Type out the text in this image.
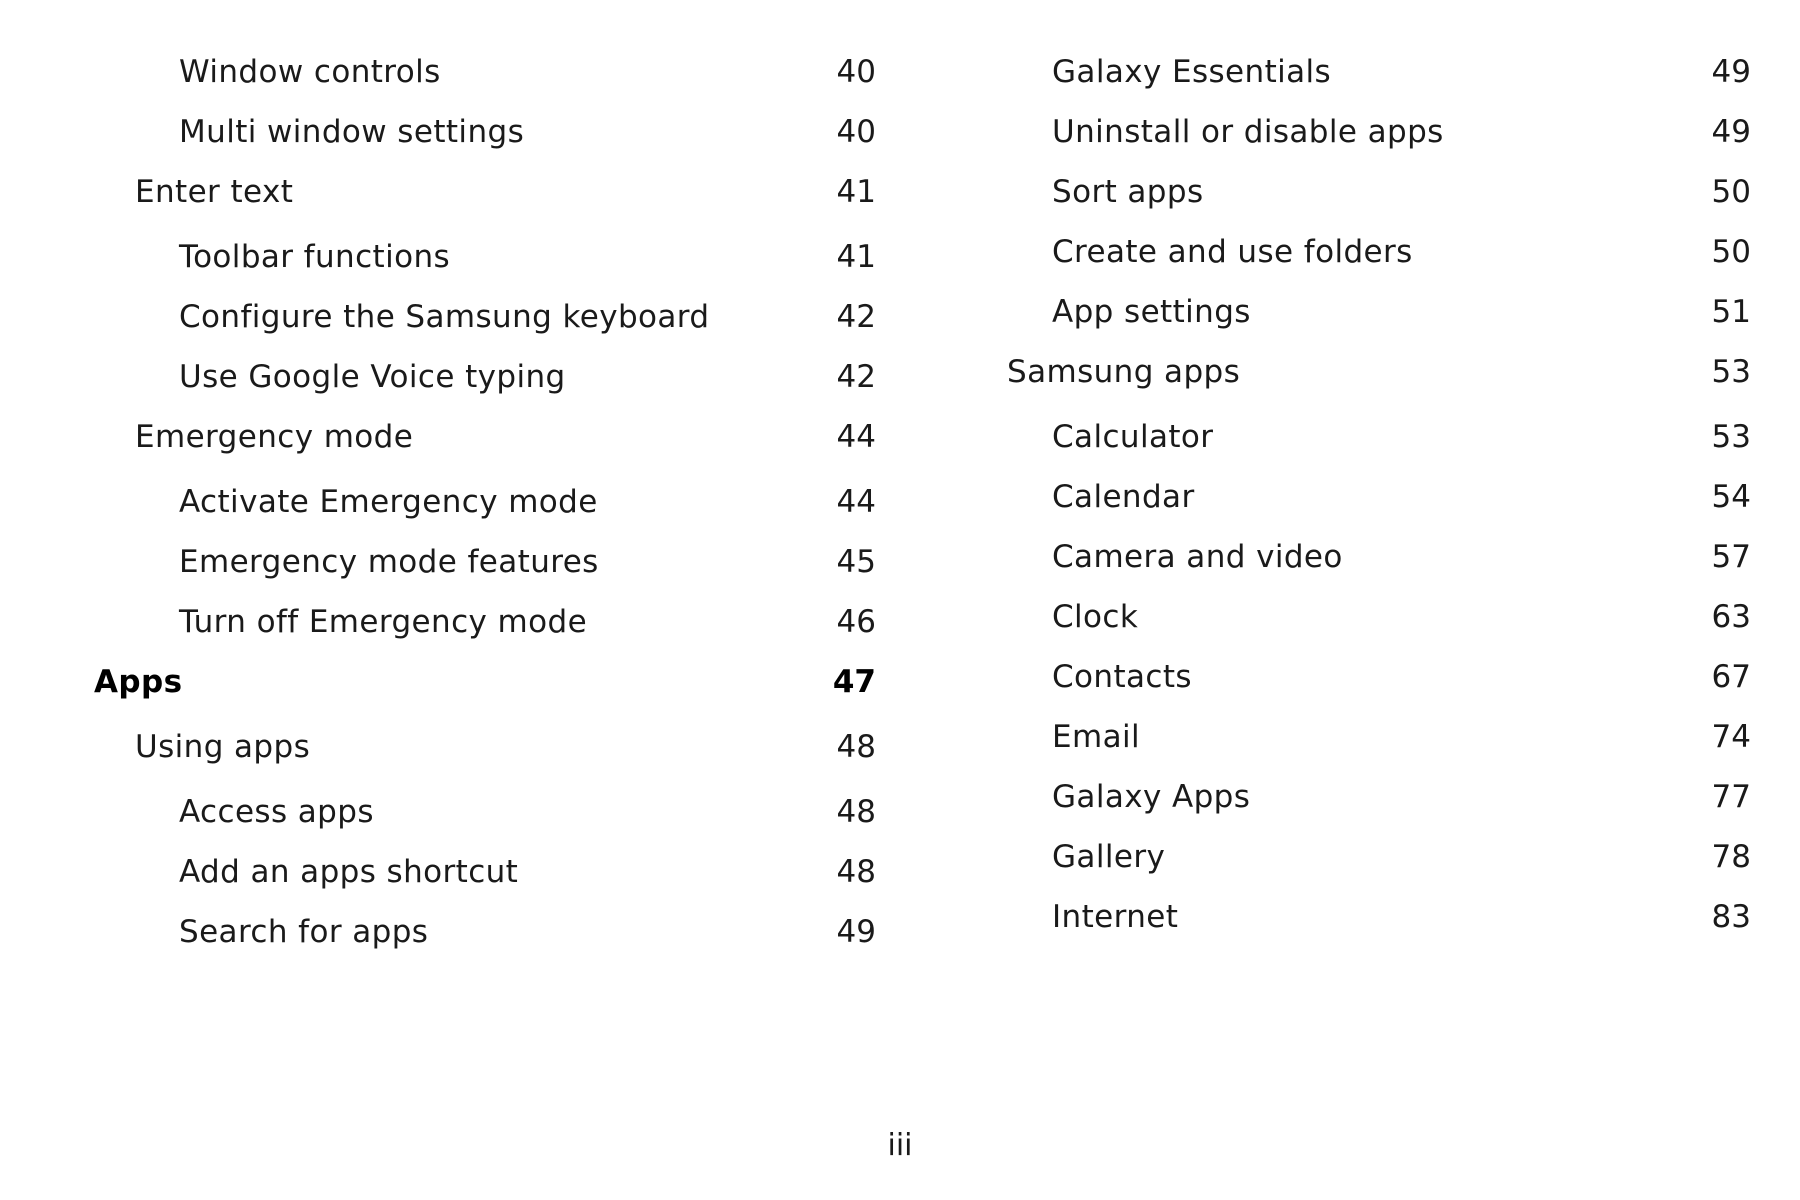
Window controls	40
Multi window settings	40
Enter text	41
Toolbar functions	41
Configure the Samsung keyboard	42
Use Google Voice typing	42
Emergency mode	44
Activate Emergency mode	44
Emergency mode features	45
Turn off Emergency mode	46
Apps	47
Using apps	48
Access apps	48
Add an apps shortcut	48
Search for apps	49
Galaxy Essentials	49
Uninstall or disable apps	49
Sort apps	50
Create and use folders	50
App settings	51
Samsung apps	53
Calculator	53
Calendar	54
Camera and video	57
Clock	63
Contacts	67
Email	74
Galaxy Apps	77
Gallery	78
Internet	83
iii
